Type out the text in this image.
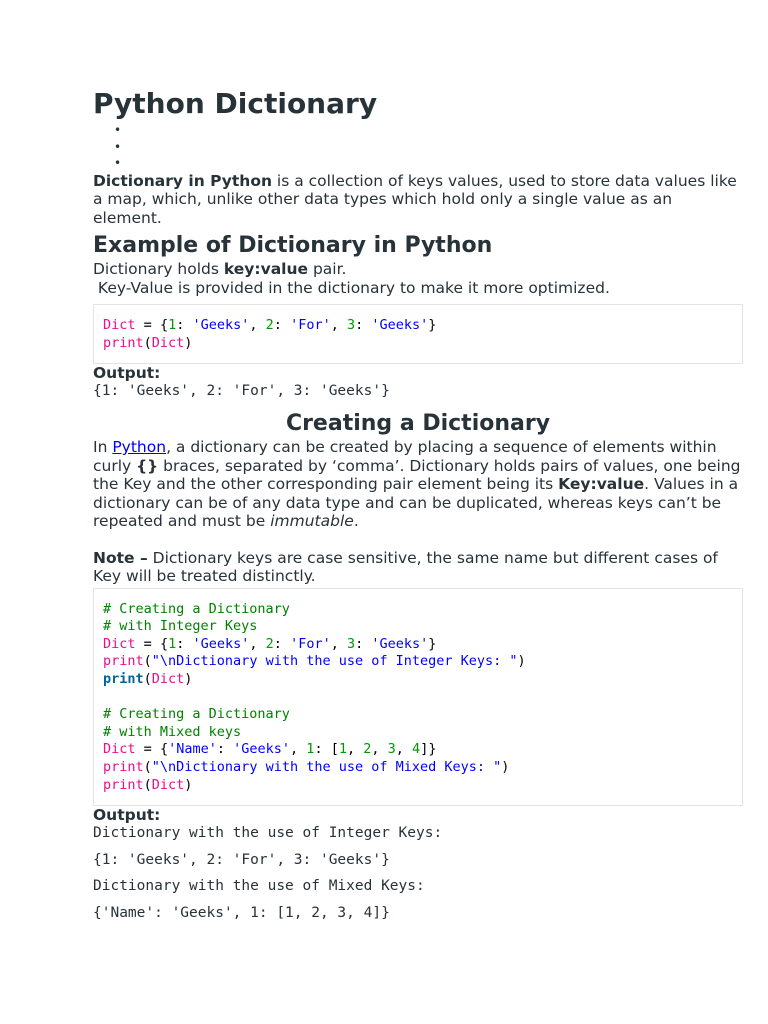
Python Dictionary
•
•
•

Dictionary in Python is a collection of keys values, used to store data values like a map, which, unlike other data types which hold only a single value as an element.

Example of Dictionary in Python

Dictionary holds key:value pair.

Key-Value is provided in the dictionary to make it more optimized.

Dict = {1: 'Geeks', 2: 'For', 3: 'Geeks'}
print(Dict)

Output:

{1: 'Geeks', 2: 'For', 3: 'Geeks'}

Creating a Dictionary

In Python, a dictionary can be created by placing a sequence of elements within curly {} braces, separated by ‘comma’. Dictionary holds pairs of values, one being the Key and the other corresponding pair element being its Key:value. Values in a dictionary can be of any data type and can be duplicated, whereas keys can’t be repeated and must be immutable.

Note – Dictionary keys are case sensitive, the same name but different cases of Key will be treated distinctly.

# Creating a Dictionary
# with Integer Keys
Dict = {1: 'Geeks', 2: 'For', 3: 'Geeks'}
print("\nDictionary with the use of Integer Keys: ")
print(Dict)
# Creating a Dictionary
# with Mixed keys
Dict = {'Name': 'Geeks', 1: [1, 2, 3, 4]}
print("\nDictionary with the use of Mixed Keys: ")
print(Dict)

Output:

Dictionary with the use of Integer Keys:

{1: 'Geeks', 2: 'For', 3: 'Geeks'}

Dictionary with the use of Mixed Keys:

{'Name': 'Geeks', 1: [1, 2, 3, 4]}
